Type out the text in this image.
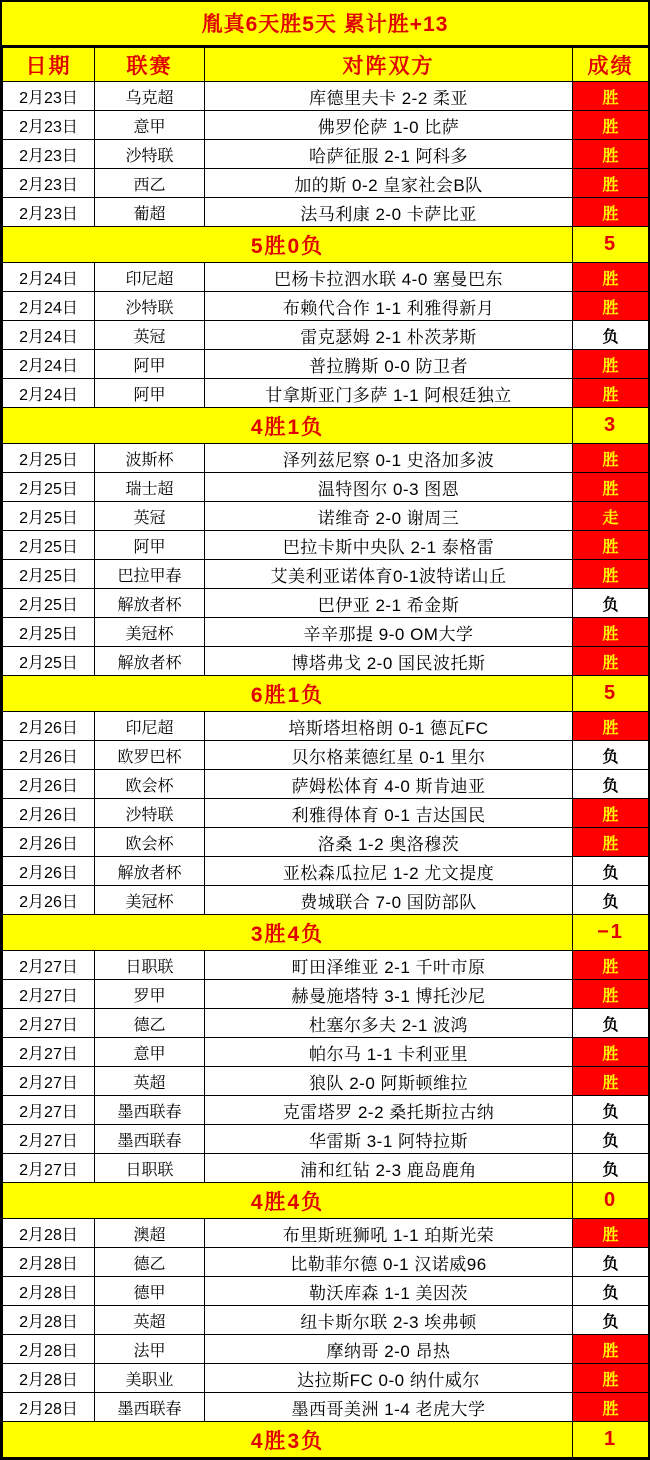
胤真6天胜5天 累计胜+13
日期	联赛	对阵双方	成绩
2月23日	乌克超	库德里夫卡 2-2 柔亚	胜
2月23日	意甲	佛罗伦萨 1-0 比萨	胜
2月23日	沙特联	哈萨征服 2-1 阿科多	胜
2月23日	西乙	加的斯 0-2 皇家社会B队	胜
2月23日	葡超	法马利康 2-0 卡萨比亚	胜
5胜0负			5
2月24日	印尼超	巴杨卡拉泗水联 4-0 塞曼巴东	胜
2月24日	沙特联	布赖代合作 1-1 利雅得新月	胜
2月24日	英冠	雷克瑟姆 2-1 朴茨茅斯	负
2月24日	阿甲	普拉腾斯 0-0 防卫者	胜
2月24日	阿甲	甘拿斯亚门多萨 1-1 阿根廷独立	胜
4胜1负			3
2月25日	波斯杯	泽列兹尼察 0-1 史洛加多波	胜
2月25日	瑞士超	温特图尔 0-3 图恩	胜
2月25日	英冠	诺维奇 2-0 谢周三	走
2月25日	阿甲	巴拉卡斯中央队 2-1 泰格雷	胜
2月25日	巴拉甲春	艾美利亚诺体育0-1波特诺山丘	胜
2月25日	解放者杯	巴伊亚 2-1 希金斯	负
2月25日	美冠杯	辛辛那提 9-0 OM大学	胜
2月25日	解放者杯	博塔弗戈 2-0 国民波托斯	胜
6胜1负			5
2月26日	印尼超	培斯塔坦格朗 0-1 德瓦FC	胜
2月26日	欧罗巴杯	贝尔格莱德红星 0-1 里尔	负
2月26日	欧会杯	萨姆松体育 4-0 斯肯迪亚	负
2月26日	沙特联	利雅得体育 0-1 吉达国民	胜
2月26日	欧会杯	洛桑 1-2 奥洛穆茨	胜
2月26日	解放者杯	亚松森瓜拉尼 1-2 尤文提度	负
2月26日	美冠杯	费城联合 7-0 国防部队	负
3胜4负			−1
2月27日	日职联	町田泽维亚 2-1 千叶市原	胜
2月27日	罗甲	赫曼施塔特 3-1 博托沙尼	胜
2月27日	德乙	杜塞尔多夫 2-1 波鸿	负
2月27日	意甲	帕尔马 1-1 卡利亚里	胜
2月27日	英超	狼队 2-0 阿斯顿维拉	胜
2月27日	墨西联春	克雷塔罗 2-2 桑托斯拉古纳	负
2月27日	墨西联春	华雷斯 3-1 阿特拉斯	负
2月27日	日职联	浦和红钻 2-3 鹿岛鹿角	负
4胜4负			0
2月28日	澳超	布里斯班狮吼 1-1 珀斯光荣	胜
2月28日	德乙	比勒菲尔德 0-1 汉诺威96	负
2月28日	德甲	勒沃库森 1-1 美因茨	负
2月28日	英超	纽卡斯尔联 2-3 埃弗顿	负
2月28日	法甲	摩纳哥 2-0 昂热	胜
2月28日	美职业	达拉斯FC 0-0 纳什威尔	胜
2月28日	墨西联春	墨西哥美洲 1-4 老虎大学	胜
4胜3负			1
